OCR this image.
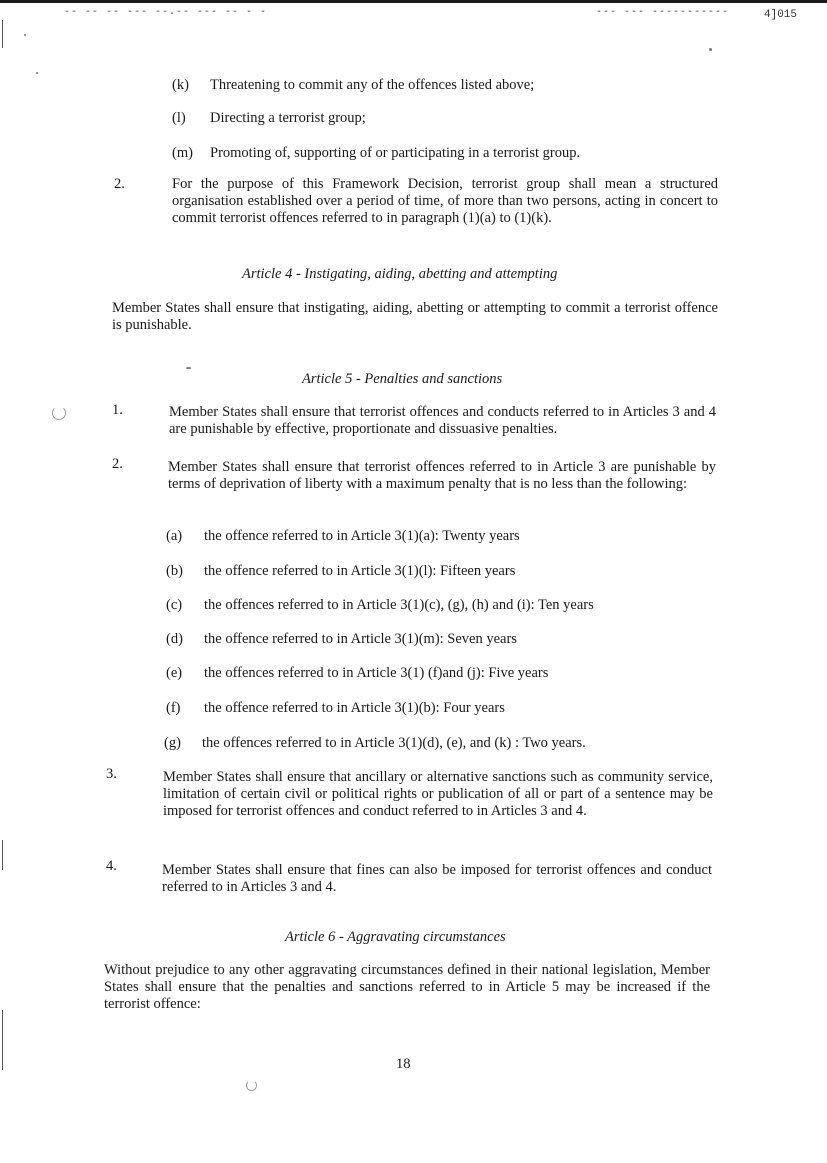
-- -- -- --- --.-- --- -- - -	--- --- -----------	4]015
(k) Threatening to commit any of the offences listed above;
(l) Directing a terrorist group;
(m) Promoting of, supporting of or participating in a terrorist group.
2.	For the purpose of this Framework Decision, terrorist group shall mean a structured organisation established over a period of time, of more than two persons, acting in concert to commit terrorist offences referred to in paragraph (1)(a) to (1)(k).
Article 4 - Instigating, aiding, abetting and attempting
Member States shall ensure that instigating, aiding, abetting or attempting to commit a terrorist offence is punishable.
Article 5 - Penalties and sanctions
1.	Member States shall ensure that terrorist offences and conducts referred to in Articles 3 and 4 are punishable by effective, proportionate and dissuasive penalties.
2.	Member States shall ensure that terrorist offences referred to in Article 3 are punishable by terms of deprivation of liberty with a maximum penalty that is no less than the following:
(a) the offence referred to in Article 3(1)(a): Twenty years
(b) the offence referred to in Article 3(1)(l): Fifteen years
(c) the offences referred to in Article 3(1)(c), (g), (h) and (i): Ten years
(d) the offence referred to in Article 3(1)(m): Seven years
(e) the offences referred to in Article 3(1) (f)and (j): Five years
(f) the offence referred to in Article 3(1)(b): Four years
(g) the offences referred to in Article 3(1)(d), (e), and (k) : Two years.
3.	Member States shall ensure that ancillary or alternative sanctions such as community service, limitation of certain civil or political rights or publication of all or part of a sentence may be imposed for terrorist offences and conduct referred to in Articles 3 and 4.
4.	Member States shall ensure that fines can also be imposed for terrorist offences and conduct referred to in Articles 3 and 4.
Article 6 - Aggravating circumstances
Without prejudice to any other aggravating circumstances defined in their national legislation, Member States shall ensure that the penalties and sanctions referred to in Article 5 may be increased if the terrorist offence:
18
